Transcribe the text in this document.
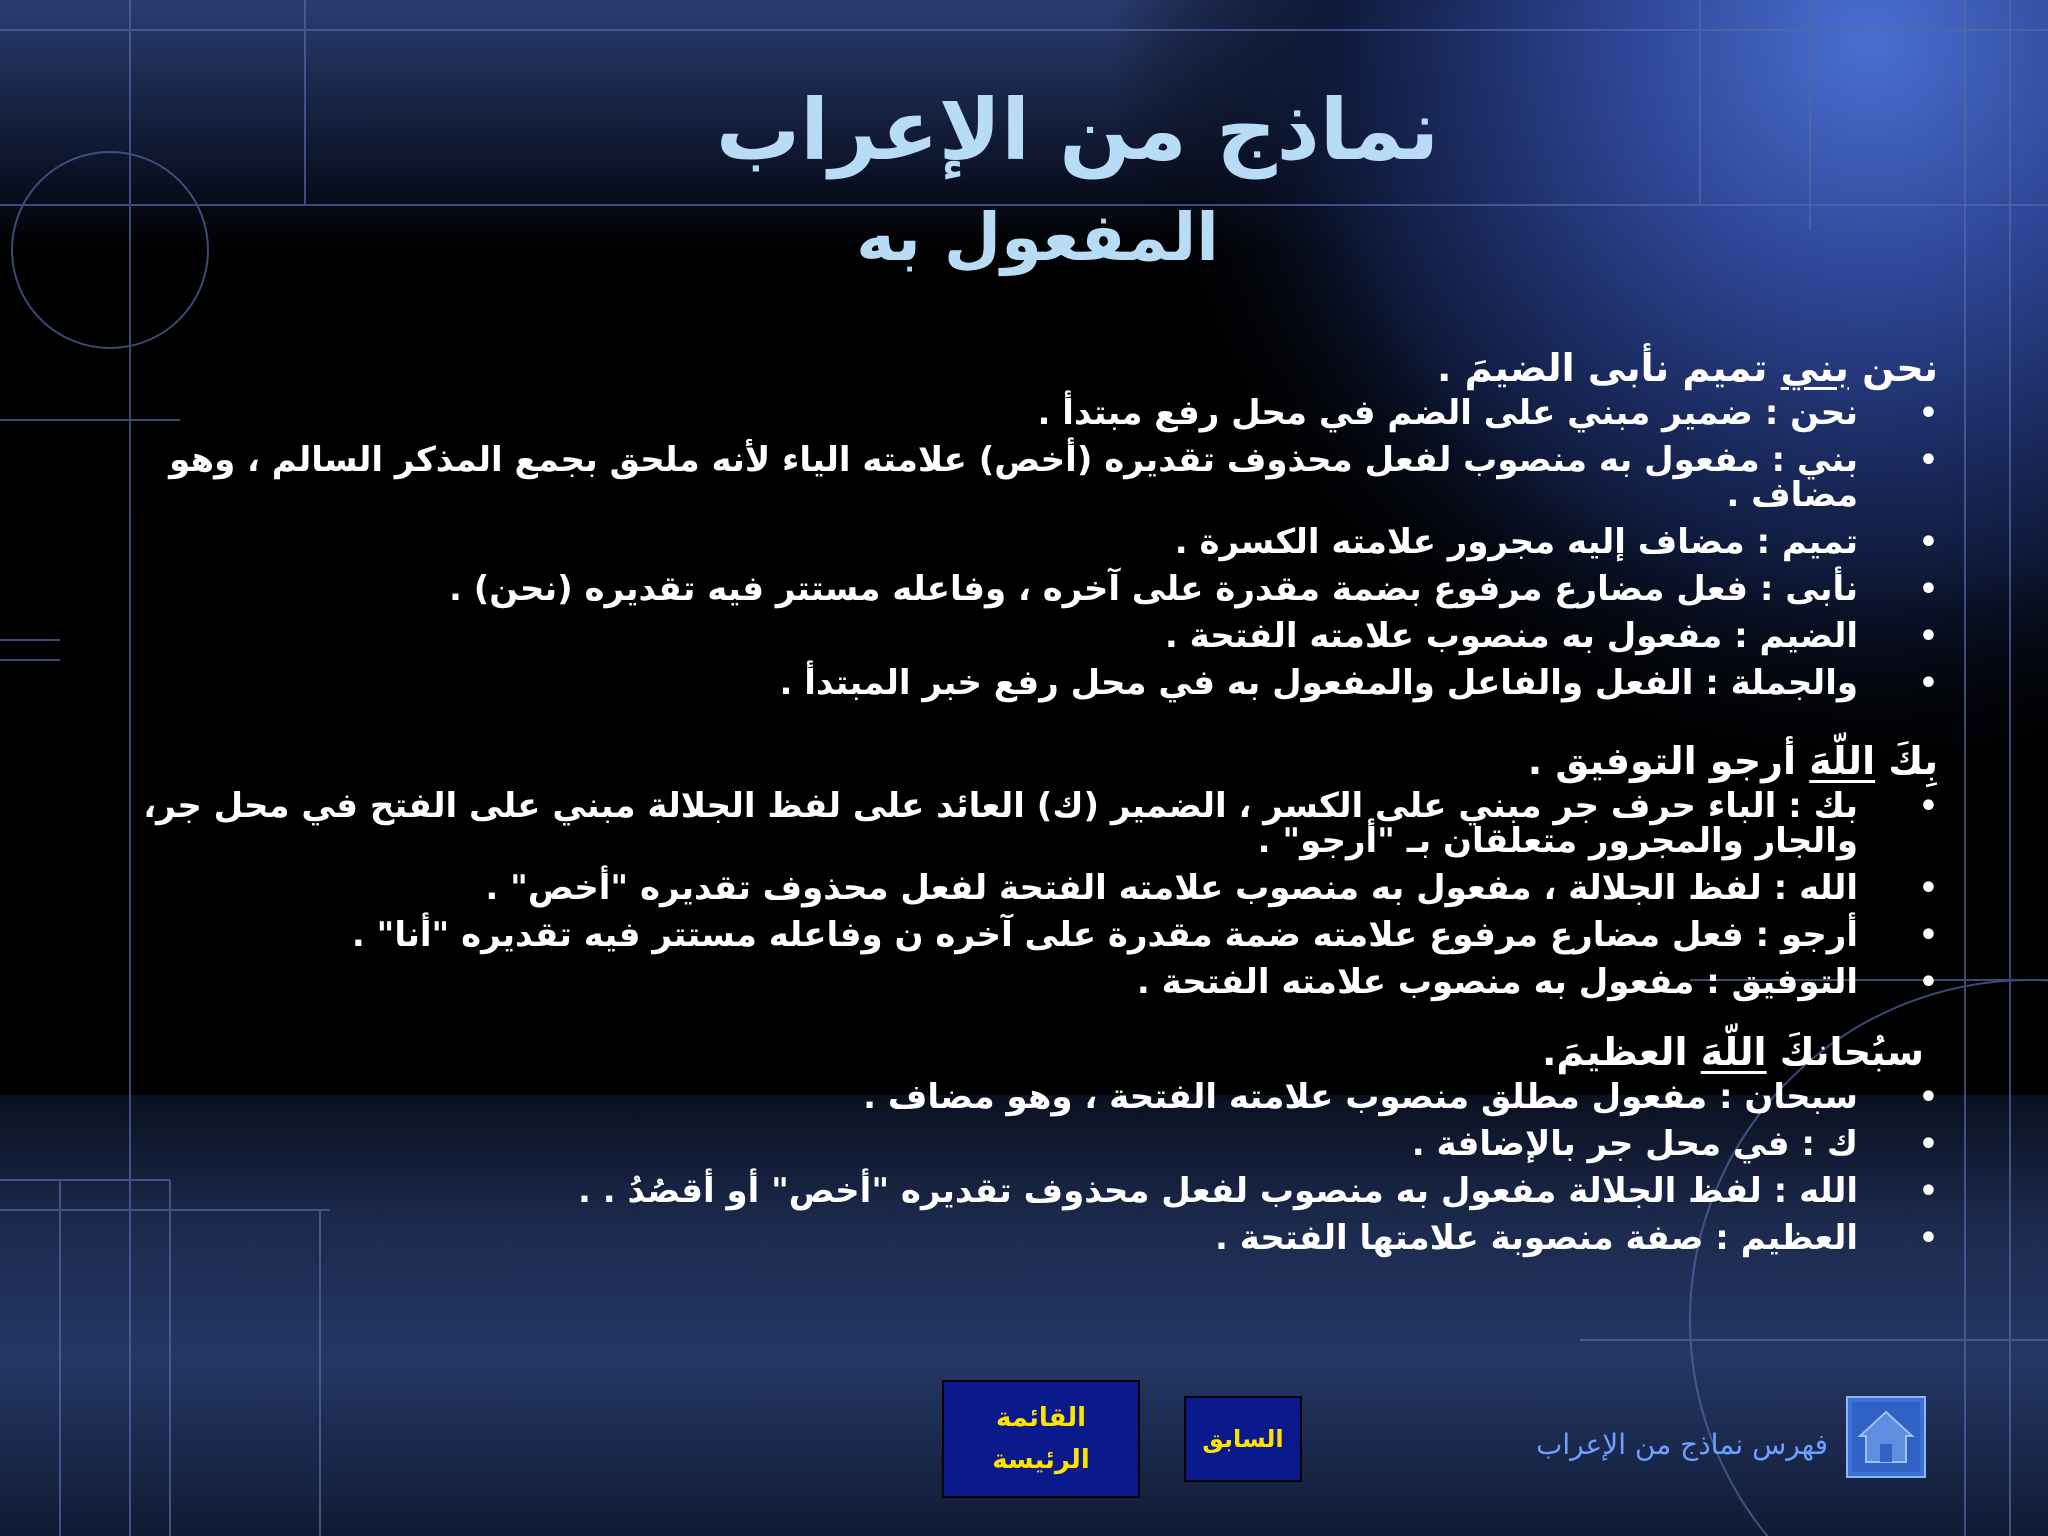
نماذج من الإعراب
المفعول به
نحن بني تميم نأبى الضيمَ .
• نحن : ضمير مبني على الضم في محل رفع مبتدأ .
• بني : مفعول به منصوب لفعل محذوف تقديره (أخص) علامته الياء لأنه ملحق بجمع المذكر السالم ، وهو مضاف .
• تميم : مضاف إليه مجرور علامته الكسرة .
• نأبى : فعل مضارع مرفوع بضمة مقدرة على آخره ، وفاعله مستتر فيه تقديره (نحن) .
• الضيم : مفعول به منصوب علامته الفتحة .
• والجملة : الفعل والفاعل والمفعول به في محل رفع خبر المبتدأ .
بِكَ اللّهَ أرجو التوفيق .
• بك : الباء حرف جر مبني على الكسر ، الضمير (ك) العائد على لفظ الجلالة مبني على الفتح في محل جر، والجار والمجرور متعلقان بـ "أرجو" .
• الله : لفظ الجلالة ، مفعول به منصوب علامته الفتحة لفعل محذوف تقديره "أخص" .
• أرجو : فعل مضارع مرفوع علامته ضمة مقدرة على آخره ن وفاعله مستتر فيه تقديره "أنا" .
• التوفيق : مفعول به منصوب علامته الفتحة .
سبُحانكَ اللّهَ العظيمَ.
• سبحان : مفعول مطلق منصوب علامته الفتحة ، وهو مضاف .
• ك : في محل جر بالإضافة .
• الله : لفظ الجلالة مفعول به منصوب لفعل محذوف تقديره "أخص" أو أقصُدُ . .
• العظيم : صفة منصوبة علامتها الفتحة .
القائمة
الرئيسة
السابق	فهرس نماذج من الإعراب
